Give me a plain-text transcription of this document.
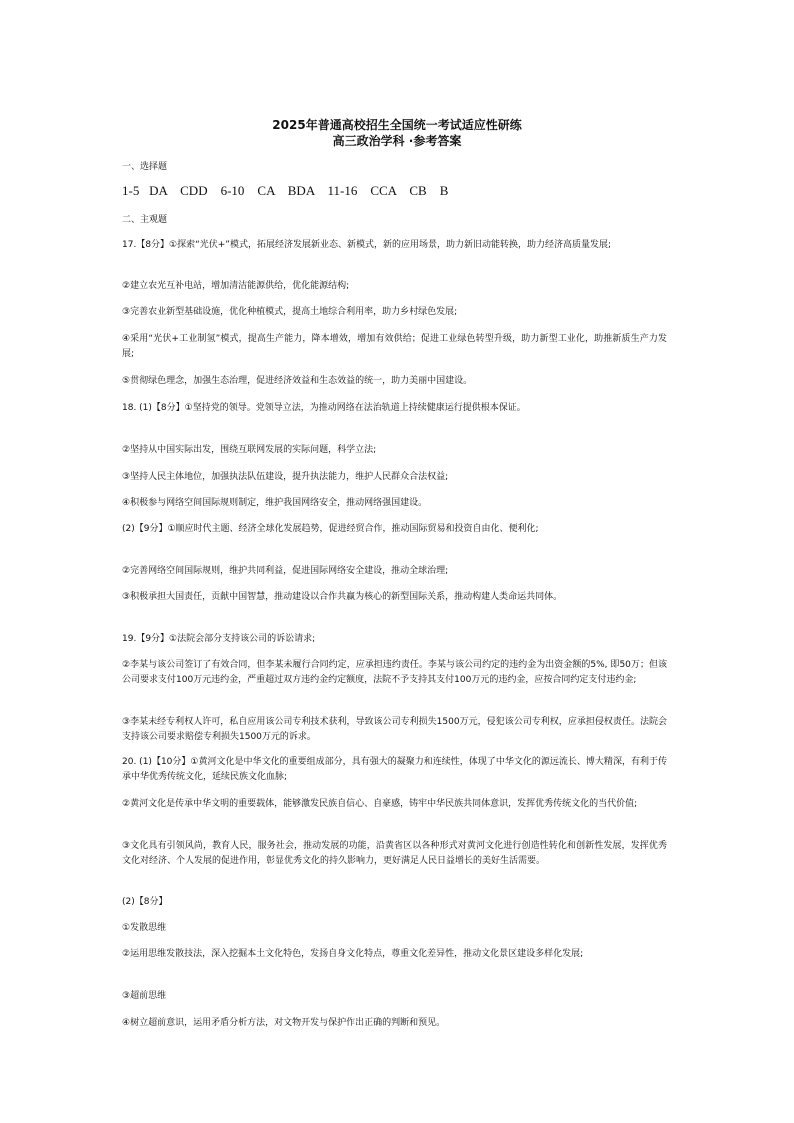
2025年普通高校招生全国统一考试适应性研练
高三政治学科 ·参考答案

一、选择题

1-5   DA    CDD    6-10    CA    BDA    11-16    CCA    CB    B

二、主观题

17.【8分】①探索“光伏+”模式，拓展经济发展新业态、新模式，新的应用场景，助力新旧动能转换，助力经济高质量发展;

②建立农光互补电站，增加清洁能源供给，优化能源结构;

③完善农业新型基础设施，优化种植模式，提高土地综合利用率，助力乡村绿色发展;

④采用“光伏+工业制氢”模式，提高生产能力，降本增效，增加有效供给；促进工业绿色转型升级，助力新型工业化，助推新质生产力发展;

⑤贯彻绿色理念，加强生态治理，促进经济效益和生态效益的统一，助力美丽中国建设。

18. (1)【8分】①坚持党的领导。党领导立法，为推动网络在法治轨道上持续健康运行提供根本保证。

②坚持从中国实际出发，围绕互联网发展的实际问题，科学立法;

③坚持人民主体地位，加强执法队伍建设，提升执法能力，维护人民群众合法权益;

④积极参与网络空间国际规则制定，维护我国网络安全，推动网络强国建设。

(2)【9分】①顺应时代主题、经济全球化发展趋势，促进经贸合作，推动国际贸易和投资自由化、便利化;

②完善网络空间国际规则，维护共同利益，促进国际网络安全建设，推动全球治理;

③积极承担大国责任，贡献中国智慧，推动建设以合作共赢为核心的新型国际关系，推动构建人类命运共同体。

19.【9分】①法院会部分支持该公司的诉讼请求;

②李某与该公司签订了有效合同，但李某未履行合同约定，应承担违约责任。李某与该公司约定的违约金为出资金额的5%, 即50万；但该公司要求支付100万元违约金，严重超过双方违约金约定额度，法院不予支持其支付100万元的违约金，应按合同约定支付违约金;

③李某未经专利权人许可，私自应用该公司专利技术获利，导致该公司专利损失1500万元，侵犯该公司专利权，应承担侵权责任。法院会支持该公司要求赔偿专利损失1500万元的诉求。

20. (1)【10分】①黄河文化是中华文化的重要组成部分，具有强大的凝聚力和连续性，体现了中华文化的源远流长、博大精深，有利于传承中华优秀传统文化，延续民族文化血脉;

②黄河文化是传承中华文明的重要载体，能够激发民族自信心、自豪感，铸牢中华民族共同体意识，发挥优秀传统文化的当代价值;

③文化具有引领风尚，教育人民，服务社会，推动发展的功能，沿黄省区以各种形式对黄河文化进行创造性转化和创新性发展，发挥优秀文化对经济、个人发展的促进作用，彰显优秀文化的持久影响力，更好满足人民日益增长的美好生活需要。

(2)【8分】

①发散思维

②运用思维发散技法，深入挖掘本土文化特色，发扬自身文化特点，尊重文化差异性，推动文化景区建设多样化发展;

③超前思维

④树立超前意识，运用矛盾分析方法，对文物开发与保护作出正确的判断和预见。
